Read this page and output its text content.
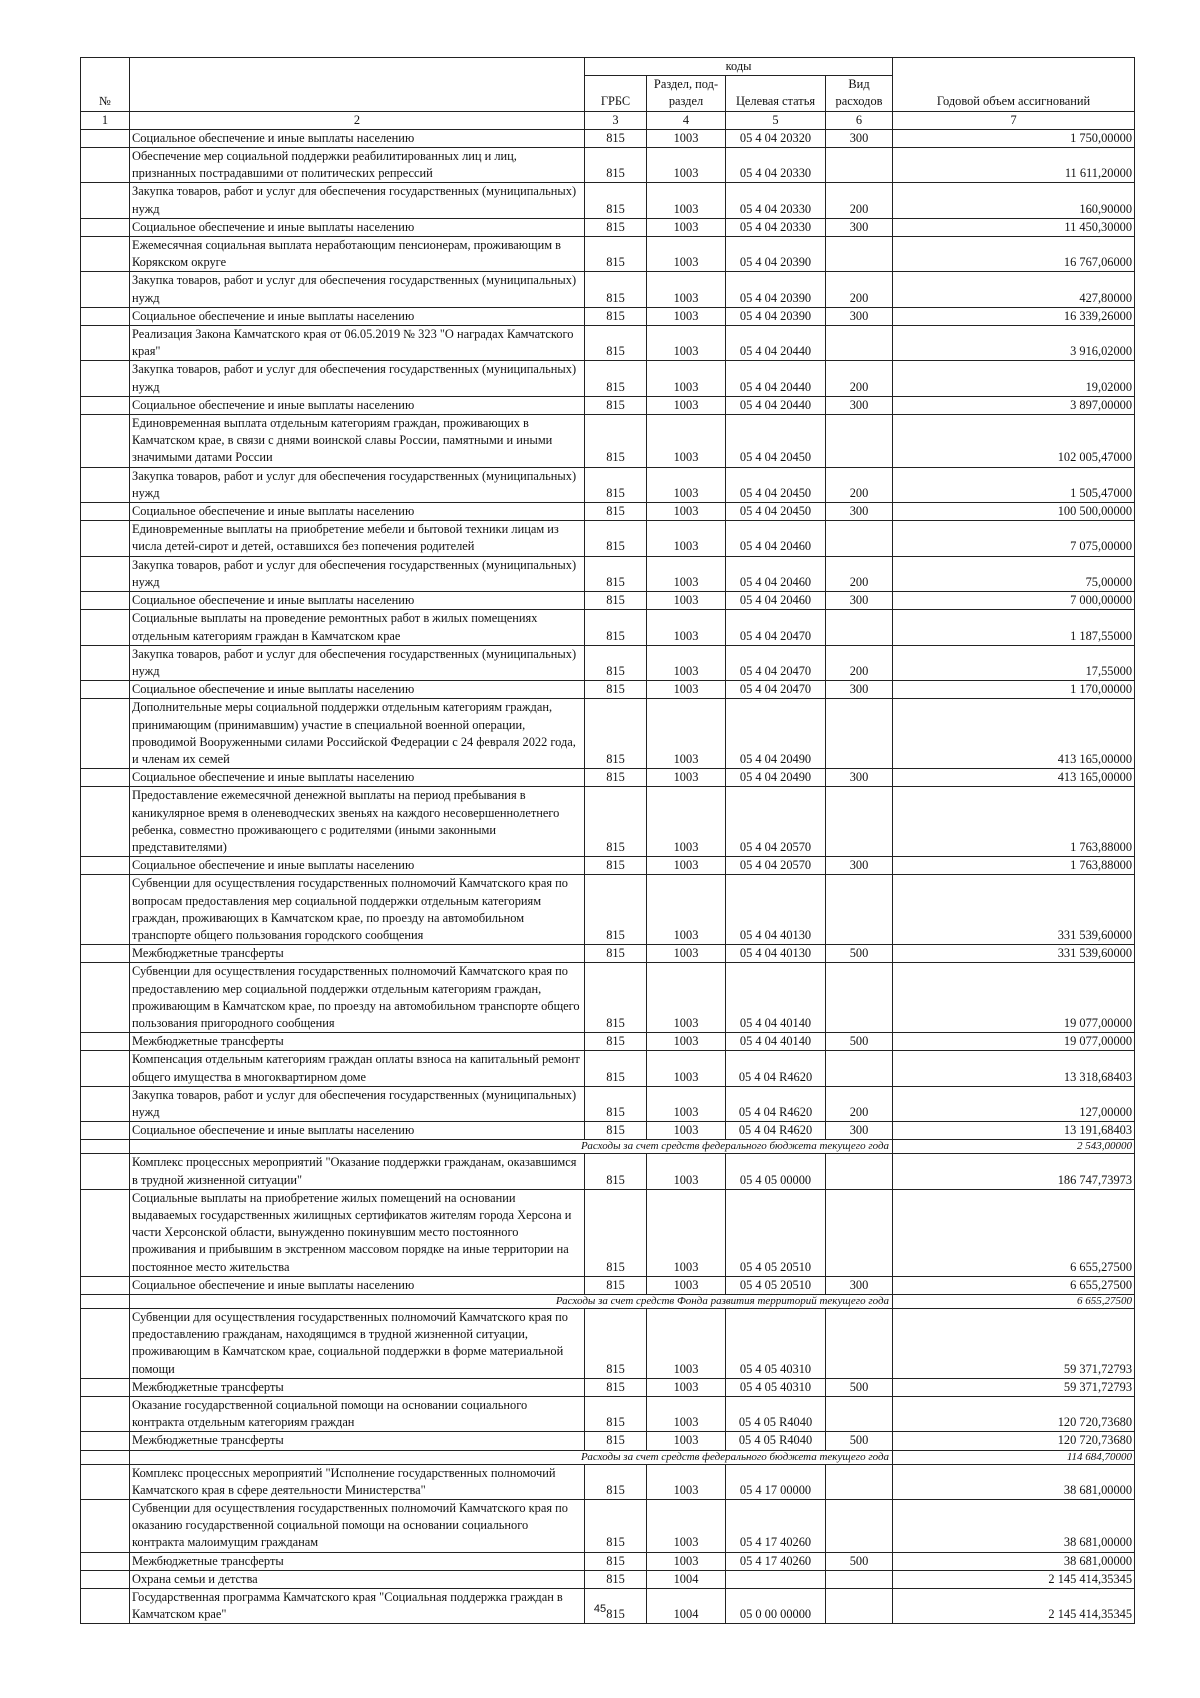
№		коды				Годовой объем ассигнований
		ГРБС	Раздел, под-раздел	Целевая статья	Вид расходов	
1	2	3	4	5	6	7
	Социальное обеспечение и иные выплаты населению	815	1003	05 4 04 20320	300	1 750,00000
	Обеспечение мер социальной поддержки реабилитированных лиц и лиц, признанных пострадавшими от политических репрессий	815	1003	05 4 04 20330		11 611,20000
	Закупка товаров, работ и услуг для обеспечения государственных (муниципальных) нужд	815	1003	05 4 04 20330	200	160,90000
	Социальное обеспечение и иные выплаты населению	815	1003	05 4 04 20330	300	11 450,30000
	Ежемесячная социальная выплата неработающим пенсионерам, проживающим в Корякском округе	815	1003	05 4 04 20390		16 767,06000
	Закупка товаров, работ и услуг для обеспечения государственных (муниципальных) нужд	815	1003	05 4 04 20390	200	427,80000
	Социальное обеспечение и иные выплаты населению	815	1003	05 4 04 20390	300	16 339,26000
	Реализация Закона Камчатского края от 06.05.2019 № 323 "О наградах Камчатского края"	815	1003	05 4 04 20440		3 916,02000
	Закупка товаров, работ и услуг для обеспечения государственных (муниципальных) нужд	815	1003	05 4 04 20440	200	19,02000
	Социальное обеспечение и иные выплаты населению	815	1003	05 4 04 20440	300	3 897,00000
	Единовременная выплата отдельным категориям граждан, проживающих в Камчатском крае, в связи с днями воинской славы России, памятными и иными значимыми датами России	815	1003	05 4 04 20450		102 005,47000
	Закупка товаров, работ и услуг для обеспечения государственных (муниципальных) нужд	815	1003	05 4 04 20450	200	1 505,47000
	Социальное обеспечение и иные выплаты населению	815	1003	05 4 04 20450	300	100 500,00000
	Единовременные выплаты на приобретение мебели и бытовой техники лицам из числа детей-сирот и детей, оставшихся без попечения родителей	815	1003	05 4 04 20460		7 075,00000
	Закупка товаров, работ и услуг для обеспечения государственных (муниципальных) нужд	815	1003	05 4 04 20460	200	75,00000
	Социальное обеспечение и иные выплаты населению	815	1003	05 4 04 20460	300	7 000,00000
	Социальные выплаты на проведение ремонтных работ в жилых помещениях отдельным категориям граждан в Камчатском крае	815	1003	05 4 04 20470		1 187,55000
	Закупка товаров, работ и услуг для обеспечения государственных (муниципальных) нужд	815	1003	05 4 04 20470	200	17,55000
	Социальное обеспечение и иные выплаты населению	815	1003	05 4 04 20470	300	1 170,00000
	Дополнительные меры социальной поддержки отдельным категориям граждан, принимающим (принимавшим) участие в специальной военной операции, проводимой Вооруженными силами Российской Федерации с 24 февраля 2022 года, и членам их семей	815	1003	05 4 04 20490		413 165,00000
	Социальное обеспечение и иные выплаты населению	815	1003	05 4 04 20490	300	413 165,00000
	Предоставление ежемесячной денежной выплаты на период пребывания в каникулярное время в оленеводческих звеньях на каждого несовершеннолетнего ребенка, совместно проживающего с родителями (иными законными представителями)	815	1003	05 4 04 20570		1 763,88000
	Социальное обеспечение и иные выплаты населению	815	1003	05 4 04 20570	300	1 763,88000
	Субвенции для осуществления государственных полномочий Камчатского края по вопросам предоставления мер социальной поддержки отдельным категориям граждан, проживающих в Камчатском крае, по проезду на автомобильном транспорте общего пользования городского сообщения	815	1003	05 4 04 40130		331 539,60000
	Межбюджетные трансферты	815	1003	05 4 04 40130	500	331 539,60000
	Субвенции для осуществления государственных полномочий Камчатского края по предоставлению мер социальной поддержки отдельным категориям граждан, проживающим в Камчатском крае, по проезду на автомобильном транспорте общего пользования пригородного сообщения	815	1003	05 4 04 40140		19 077,00000
	Межбюджетные трансферты	815	1003	05 4 04 40140	500	19 077,00000
	Компенсация отдельным категориям граждан оплаты взноса на капитальный ремонт общего имущества в многоквартирном доме	815	1003	05 4 04 R4620		13 318,68403
	Закупка товаров, работ и услуг для обеспечения государственных (муниципальных) нужд	815	1003	05 4 04 R4620	200	127,00000
	Социальное обеспечение и иные выплаты населению	815	1003	05 4 04 R4620	300	13 191,68403
	Расходы за счет средств федерального бюджета текущего года					2 543,00000
	Комплекс процессных мероприятий "Оказание поддержки гражданам, оказавшимся в трудной жизненной ситуации"	815	1003	05 4 05 00000		186 747,73973
	Социальные выплаты на приобретение жилых помещений на основании выдаваемых государственных жилищных сертификатов жителям города Херсона и части Херсонской области, вынужденно покинувшим место постоянного проживания и прибывшим в экстренном массовом порядке на иные территории на постоянное место жительства	815	1003	05 4 05 20510		6 655,27500
	Социальное обеспечение и иные выплаты населению	815	1003	05 4 05 20510	300	6 655,27500
	Расходы за счет средств Фонда развития территорий текущего года					6 655,27500
	Субвенции для осуществления государственных полномочий Камчатского края по предоставлению гражданам, находящимся в трудной жизненной ситуации, проживающим в Камчатском крае, социальной поддержки в форме материальной помощи	815	1003	05 4 05 40310		59 371,72793
	Межбюджетные трансферты	815	1003	05 4 05 40310	500	59 371,72793
	Оказание государственной социальной помощи на основании социального контракта отдельным категориям граждан	815	1003	05 4 05 R4040		120 720,73680
	Межбюджетные трансферты	815	1003	05 4 05 R4040	500	120 720,73680
	Расходы за счет средств федерального бюджета текущего года					114 684,70000
	Комплекс процессных мероприятий "Исполнение государственных полномочий Камчатского края в сфере деятельности Министерства"	815	1003	05 4 17 00000		38 681,00000
	Субвенции для осуществления государственных полномочий Камчатского края по оказанию государственной социальной помощи на основании социального контракта малоимущим гражданам	815	1003	05 4 17 40260		38 681,00000
	Межбюджетные трансферты	815	1003	05 4 17 40260	500	38 681,00000
	Охрана семьи и детства	815	1004			2 145 414,35345
	Государственная программа Камчатского края "Социальная поддержка граждан в Камчатском крае"	815	1004	05 0 00 00000		2 145 414,35345
45
